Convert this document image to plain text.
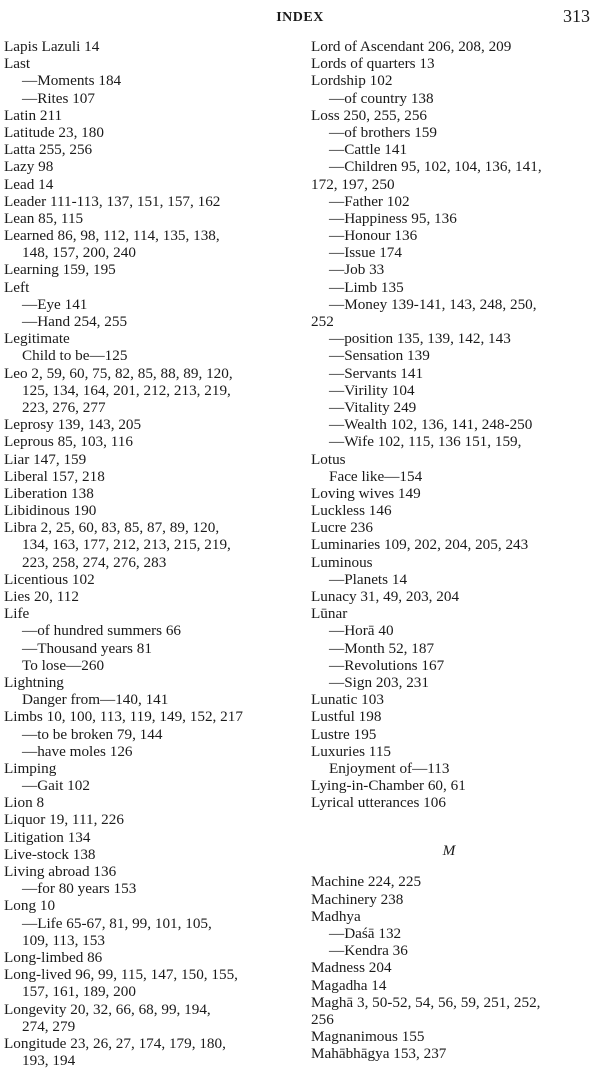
INDEX	313
Lapis Lazuli 14
Last
—Moments 184
—Rites 107
Latin 211
Latitude 23, 180
Latta 255, 256
Lazy 98
Lead 14
Leader 111-113, 137, 151, 157, 162
Lean 85, 115
Learned 86, 98, 112, 114, 135, 138,
148, 157, 200, 240
Learning 159, 195
Left
—Eye 141
—Hand 254, 255
Legitimate
Child to be—125
Leo 2, 59, 60, 75, 82, 85, 88, 89, 120,
125, 134, 164, 201, 212, 213, 219,
223, 276, 277
Leprosy 139, 143, 205
Leprous 85, 103, 116
Liar 147, 159
Liberal 157, 218
Liberation 138
Libidinous 190
Libra 2, 25, 60, 83, 85, 87, 89, 120,
134, 163, 177, 212, 213, 215, 219,
223, 258, 274, 276, 283
Licentious 102
Lies 20, 112
Life
—of hundred summers 66
—Thousand years 81
To lose—260
Lightning
Danger from—140, 141
Limbs 10, 100, 113, 119, 149, 152, 217
—to be broken 79, 144
—have moles 126
Limping
—Gait 102
Lion 8
Liquor 19, 111, 226
Litigation 134
Live-stock 138
Living abroad 136
—for 80 years 153
Long 10
—Life 65-67, 81, 99, 101, 105,
109, 113, 153
Long-limbed 86
Long-lived 96, 99, 115, 147, 150, 155,
157, 161, 189, 200
Longevity 20, 32, 66, 68, 99, 194,
274, 279
Longitude 23, 26, 27, 174, 179, 180,
193, 194
Lord of Ascendant 206, 208, 209
Lords of quarters 13
Lordship 102
—of country 138
Loss 250, 255, 256
—of brothers 159
—Cattle 141
—Children 95, 102, 104, 136, 141,
172, 197, 250
—Father 102
—Happiness 95, 136
—Honour 136
—Issue 174
—Job 33
—Limb 135
—Money 139-141, 143, 248, 250,
252
—position 135, 139, 142, 143
—Sensation 139
—Servants 141
—Virility 104
—Vitality 249
—Wealth 102, 136, 141, 248-250
—Wife 102, 115, 136 151, 159,
Lotus
Face like—154
Loving wives 149
Luckless 146
Lucre 236
Luminaries 109, 202, 204, 205, 243
Luminous
—Planets 14
Lunacy 31, 49, 203, 204
Lūnar
—Horā 40
—Month 52, 187
—Revolutions 167
—Sign 203, 231
Lunatic 103
Lustful 198
Lustre 195
Luxuries 115
Enjoyment of—113
Lying-in-Chamber 60, 61
Lyrical utterances 106
M
Machine 224, 225
Machinery 238
Madhya
—Daśā 132
—Kendra 36
Madness 204
Magadha 14
Maghā 3, 50-52, 54, 56, 59, 251, 252,
256
Magnanimous 155
Mahābhāgya 153, 237
